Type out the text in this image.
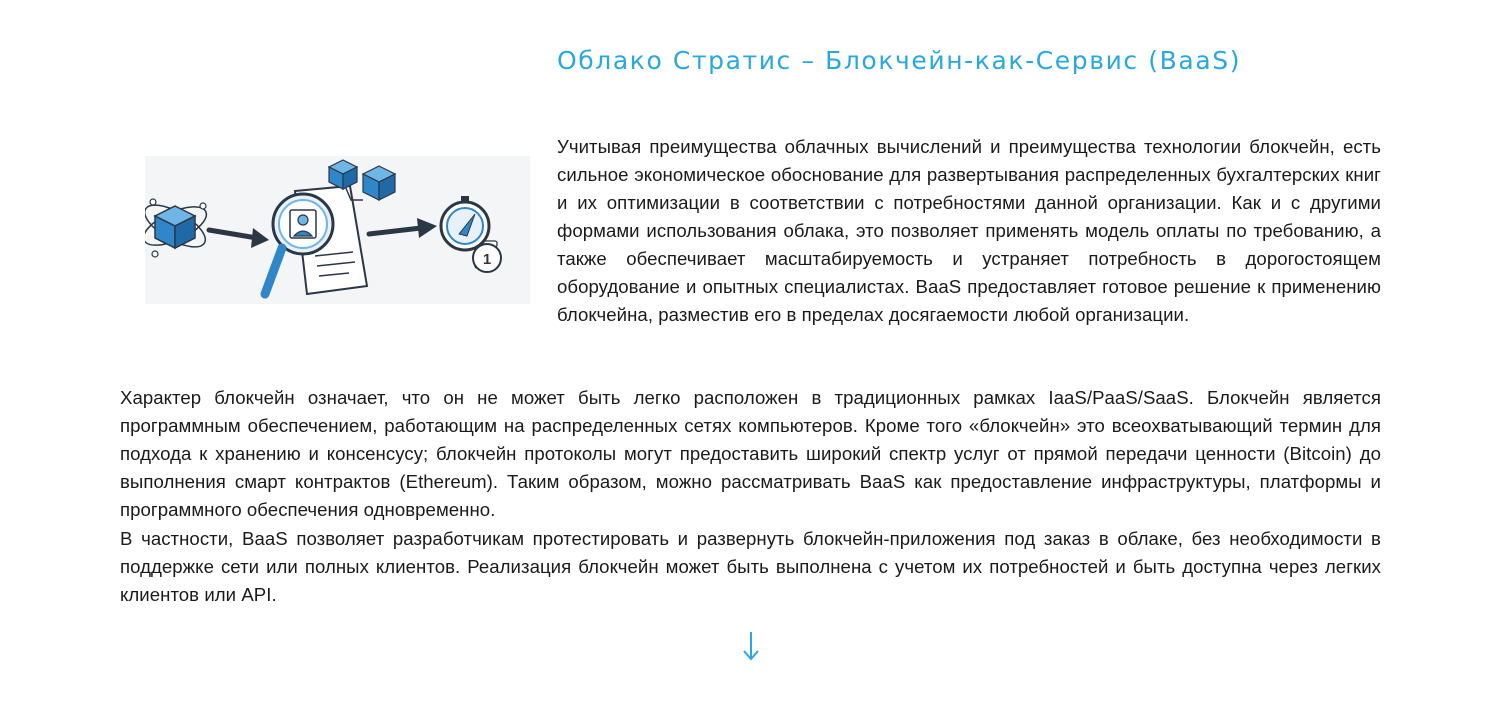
Облако Стратис – Блокчейн-как-Сервис (BaaS)
1

Учитывая преимущества облачных вычислений и преимущества технологии блокчейн, есть сильное экономическое обоснование для развертывания распределенных бухгалтерских книг и их оптимизации в соответствии с потребностями данной организации. Как и с другими формами использования облака, это позволяет применять модель оплаты по требованию, а также обеспечивает масштабируемость и устраняет потребность в дорогостоящем оборудование и опытных специалистах. BaaS предоставляет готовое решение к применению блокчейна, разместив его в пределах досягаемости любой организации.

Характер блокчейн означает, что он не может быть легко расположен в традиционных рамках IaaS/PaaS/SaaS. Блокчейн является программным обеспечением, работающим на распределенных сетях компьютеров. Кроме того «блокчейн» это всеохватывающий термин для подхода к хранению и консенсусу; блокчейн протоколы могут предоставить широкий спектр услуг от прямой передачи ценности (Bitcoin) до выполнения смарт контрактов (Ethereum). Таким образом, можно рассматривать BaaS как предоставление инфраструктуры, платформы и программного обеспечения одновременно.

В частности, BaaS позволяет разработчикам протестировать и развернуть блокчейн-приложения под заказ в облаке, без необходимости в поддержке сети или полных клиентов. Реализация блокчейн может быть выполнена с учетом их потребностей и быть доступна через легких клиентов или API.
